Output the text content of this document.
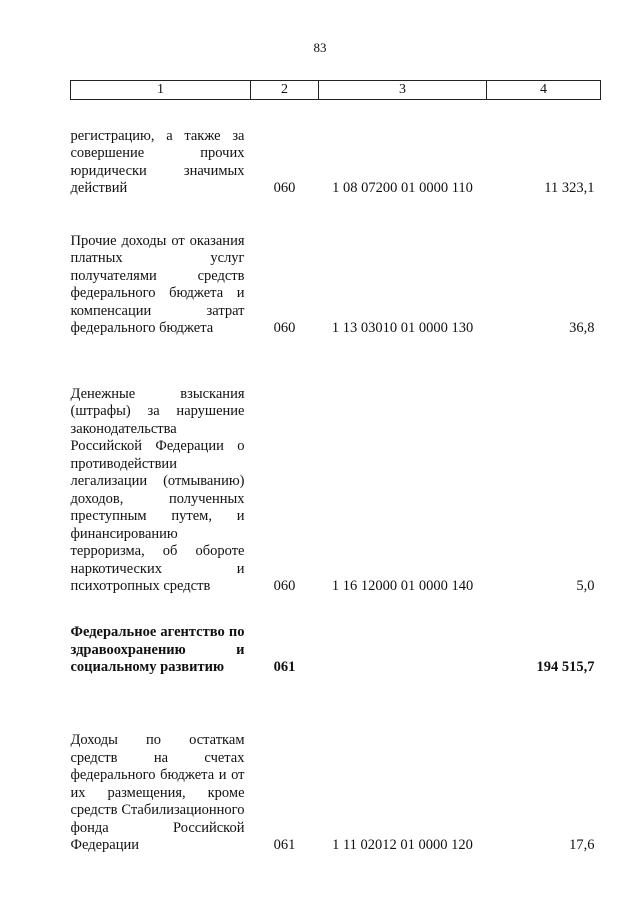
83
1	2	3	4
регистрацию, а также за совершение прочих юридически значимых действий	060	1 08 07200 01 0000 110	11 323,1
Прочие доходы от оказания платных услуг получателями средств федерального бюджета и компенсации затрат федерального бюджета	060	1 13 03010 01 0000 130	36,8
Денежные взыскания (штрафы) за нарушение законодательства Российской Федерации о противодействии легализации (отмыванию) доходов, полученных преступным путем, и финансированию терроризма, об обороте наркотических и психотропных средств	060	1 16 12000 01 0000 140	5,0
Федеральное агентство по здравоохранению и социальному развитию	061		194 515,7
Доходы по остаткам средств на счетах федерального бюджета и от их размещения, кроме средств Стабилизационного фонда Российской Федерации	061	1 11 02012 01 0000 120	17,6
